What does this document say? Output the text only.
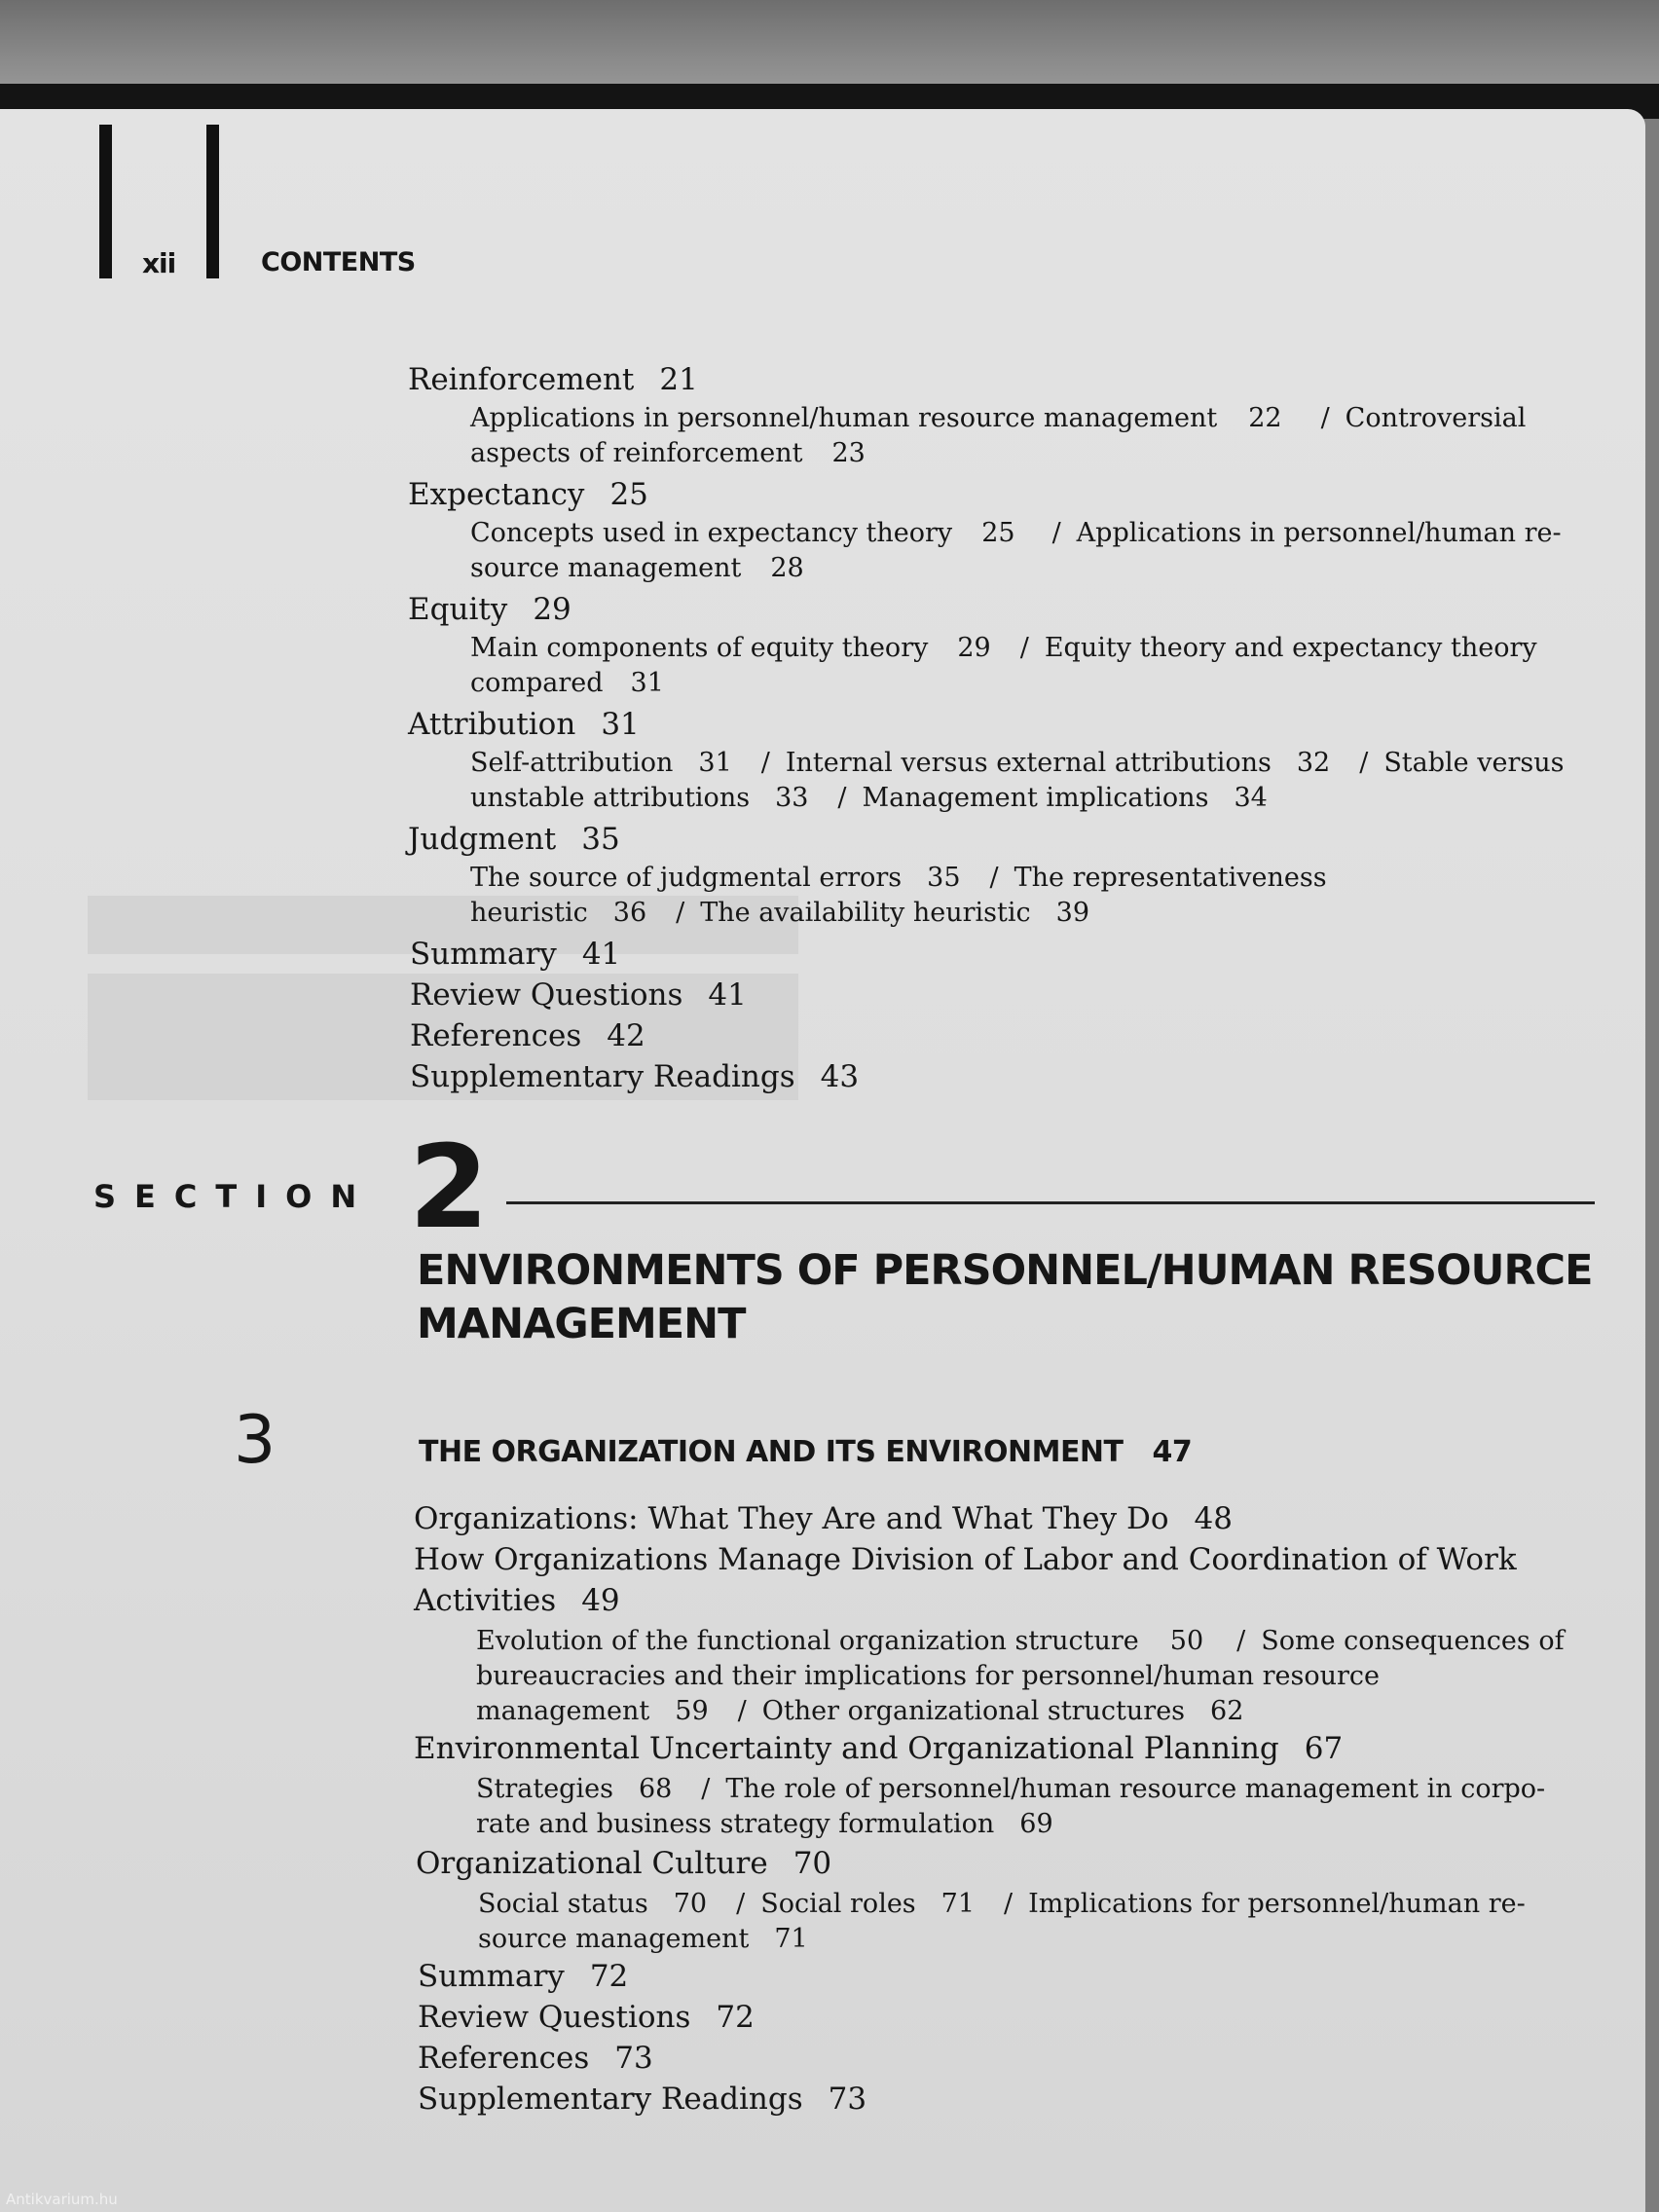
xii	CONTENTS
Reinforcement 21
Applications in personnel/human resource management 22 / Controversial
aspects of reinforcement 23
Expectancy 25
Concepts used in expectancy theory 25 / Applications in personnel/human re-
source management 28
Equity 29
Main components of equity theory 29 / Equity theory and expectancy theory
compared 31
Attribution 31
Self-attribution 31 / Internal versus external attributions 32 / Stable versus
unstable attributions 33 / Management implications 34
Judgment 35
The source of judgmental errors 35 / The representativeness
heuristic 36 / The availability heuristic 39
Summary 41
Review Questions 41
References 42
Supplementary Readings 43
SECTION 2
ENVIRONMENTS OF PERSONNEL/HUMAN RESOURCE
MANAGEMENT
3	THE ORGANIZATION AND ITS ENVIRONMENT 47
Organizations: What They Are and What They Do 48
How Organizations Manage Division of Labor and Coordination of Work
Activities 49
Evolution of the functional organization structure 50 / Some consequences of
bureaucracies and their implications for personnel/human resource
management 59 / Other organizational structures 62
Environmental Uncertainty and Organizational Planning 67
Strategies 68 / The role of personnel/human resource management in corpo-
rate and business strategy formulation 69
Organizational Culture 70
Social status 70 / Social roles 71 / Implications for personnel/human re-
source management 71
Summary 72
Review Questions 72
References 73
Supplementary Readings 73
Antikvarium.hu
